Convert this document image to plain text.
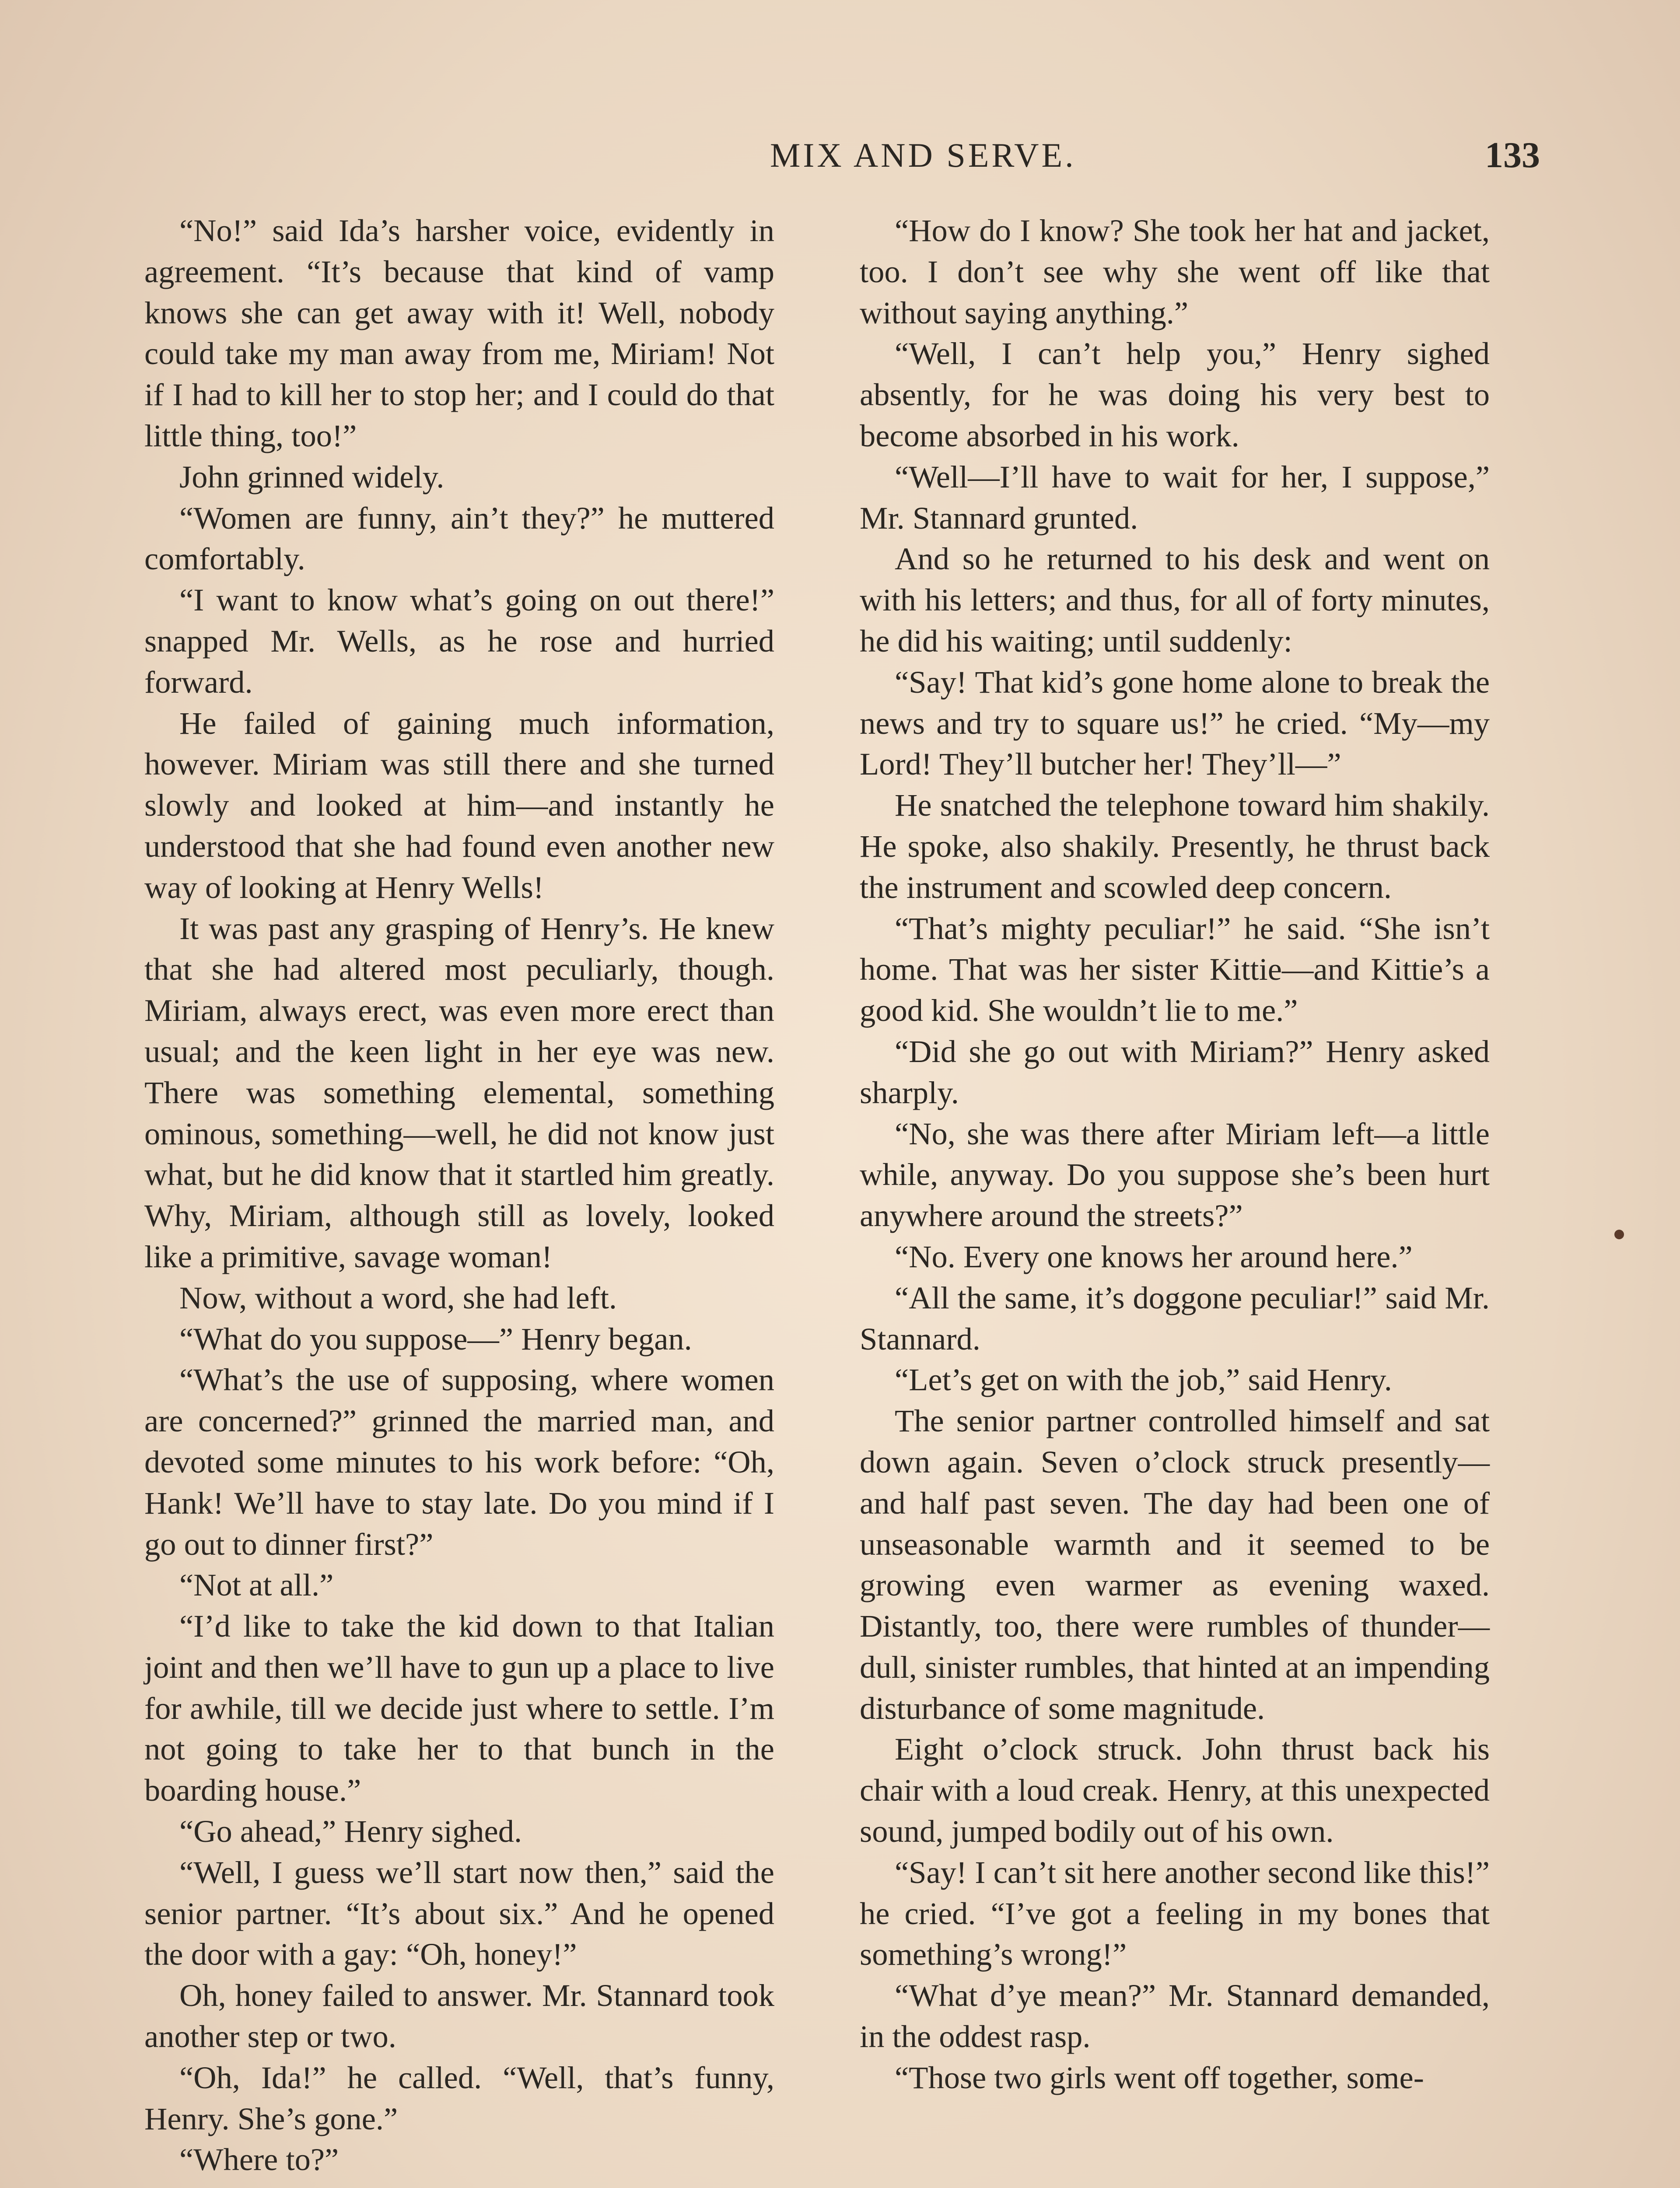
MIX AND SERVE.	133

“No!” said Ida’s harsher voice, evidently in agreement. “It’s because that kind of vamp knows she can get away with it! Well, nobody could take my man away from me, Miriam! Not if I had to kill her to stop her; and I could do that little thing, too!”

John grinned widely.

“Women are funny, ain’t they?” he muttered comfortably.

“I want to know what’s going on out there!” snapped Mr. Wells, as he rose and hurried forward.

He failed of gaining much information, however. Miriam was still there and she turned slowly and looked at him—and instantly he understood that she had found even another new way of looking at Henry Wells!

It was past any grasping of Henry’s. He knew that she had altered most peculiarly, though. Miriam, always erect, was even more erect than usual; and the keen light in her eye was new. There was something elemental, something ominous, something—well, he did not know just what, but he did know that it startled him greatly. Why, Miriam, although still as lovely, looked like a primitive, savage woman!

Now, without a word, she had left.

“What do you suppose—” Henry began.

“What’s the use of supposing, where women are concerned?” grinned the married man, and devoted some minutes to his work before: “Oh, Hank! We’ll have to stay late. Do you mind if I go out to dinner first?”

“Not at all.”

“I’d like to take the kid down to that Italian joint and then we’ll have to gun up a place to live for awhile, till we decide just where to settle. I’m not going to take her to that bunch in the boarding house.”

“Go ahead,” Henry sighed.

“Well, I guess we’ll start now then,” said the senior partner. “It’s about six.” And he opened the door with a gay: “Oh, honey!”

Oh, honey failed to answer. Mr. Stannard took another step or two.

“Oh, Ida!” he called. “Well, that’s funny, Henry. She’s gone.”

“Where to?”

“How do I know? She took her hat and jacket, too. I don’t see why she went off like that without saying anything.”

“Well, I can’t help you,” Henry sighed absently, for he was doing his very best to become absorbed in his work.

“Well—I’ll have to wait for her, I suppose,” Mr. Stannard grunted.

And so he returned to his desk and went on with his letters; and thus, for all of forty minutes, he did his waiting; until suddenly:

“Say! That kid’s gone home alone to break the news and try to square us!” he cried. “My—my Lord! They’ll butcher her! They’ll—”

He snatched the telephone toward him shakily. He spoke, also shakily. Presently, he thrust back the instrument and scowled deep concern.

“That’s mighty peculiar!” he said. “She isn’t home. That was her sister Kittie—and Kittie’s a good kid. She wouldn’t lie to me.”

“Did she go out with Miriam?” Henry asked sharply.

“No, she was there after Miriam left—a little while, anyway. Do you suppose she’s been hurt anywhere around the streets?”

“No. Every one knows her around here.”

“All the same, it’s doggone peculiar!” said Mr. Stannard.

“Let’s get on with the job,” said Henry.

The senior partner controlled himself and sat down again. Seven o’clock struck presently—and half past seven. The day had been one of unseasonable warmth and it seemed to be growing even warmer as evening waxed. Distantly, too, there were rumbles of thunder—dull, sinister rumbles, that hinted at an impending disturbance of some magnitude.

Eight o’clock struck. John thrust back his chair with a loud creak. Henry, at this unexpected sound, jumped bodily out of his own.

“Say! I can’t sit here another second like this!” he cried. “I’ve got a feeling in my bones that something’s wrong!”

“What d’ye mean?” Mr. Stannard demanded, in the oddest rasp.

“Those two girls went off together, some-
